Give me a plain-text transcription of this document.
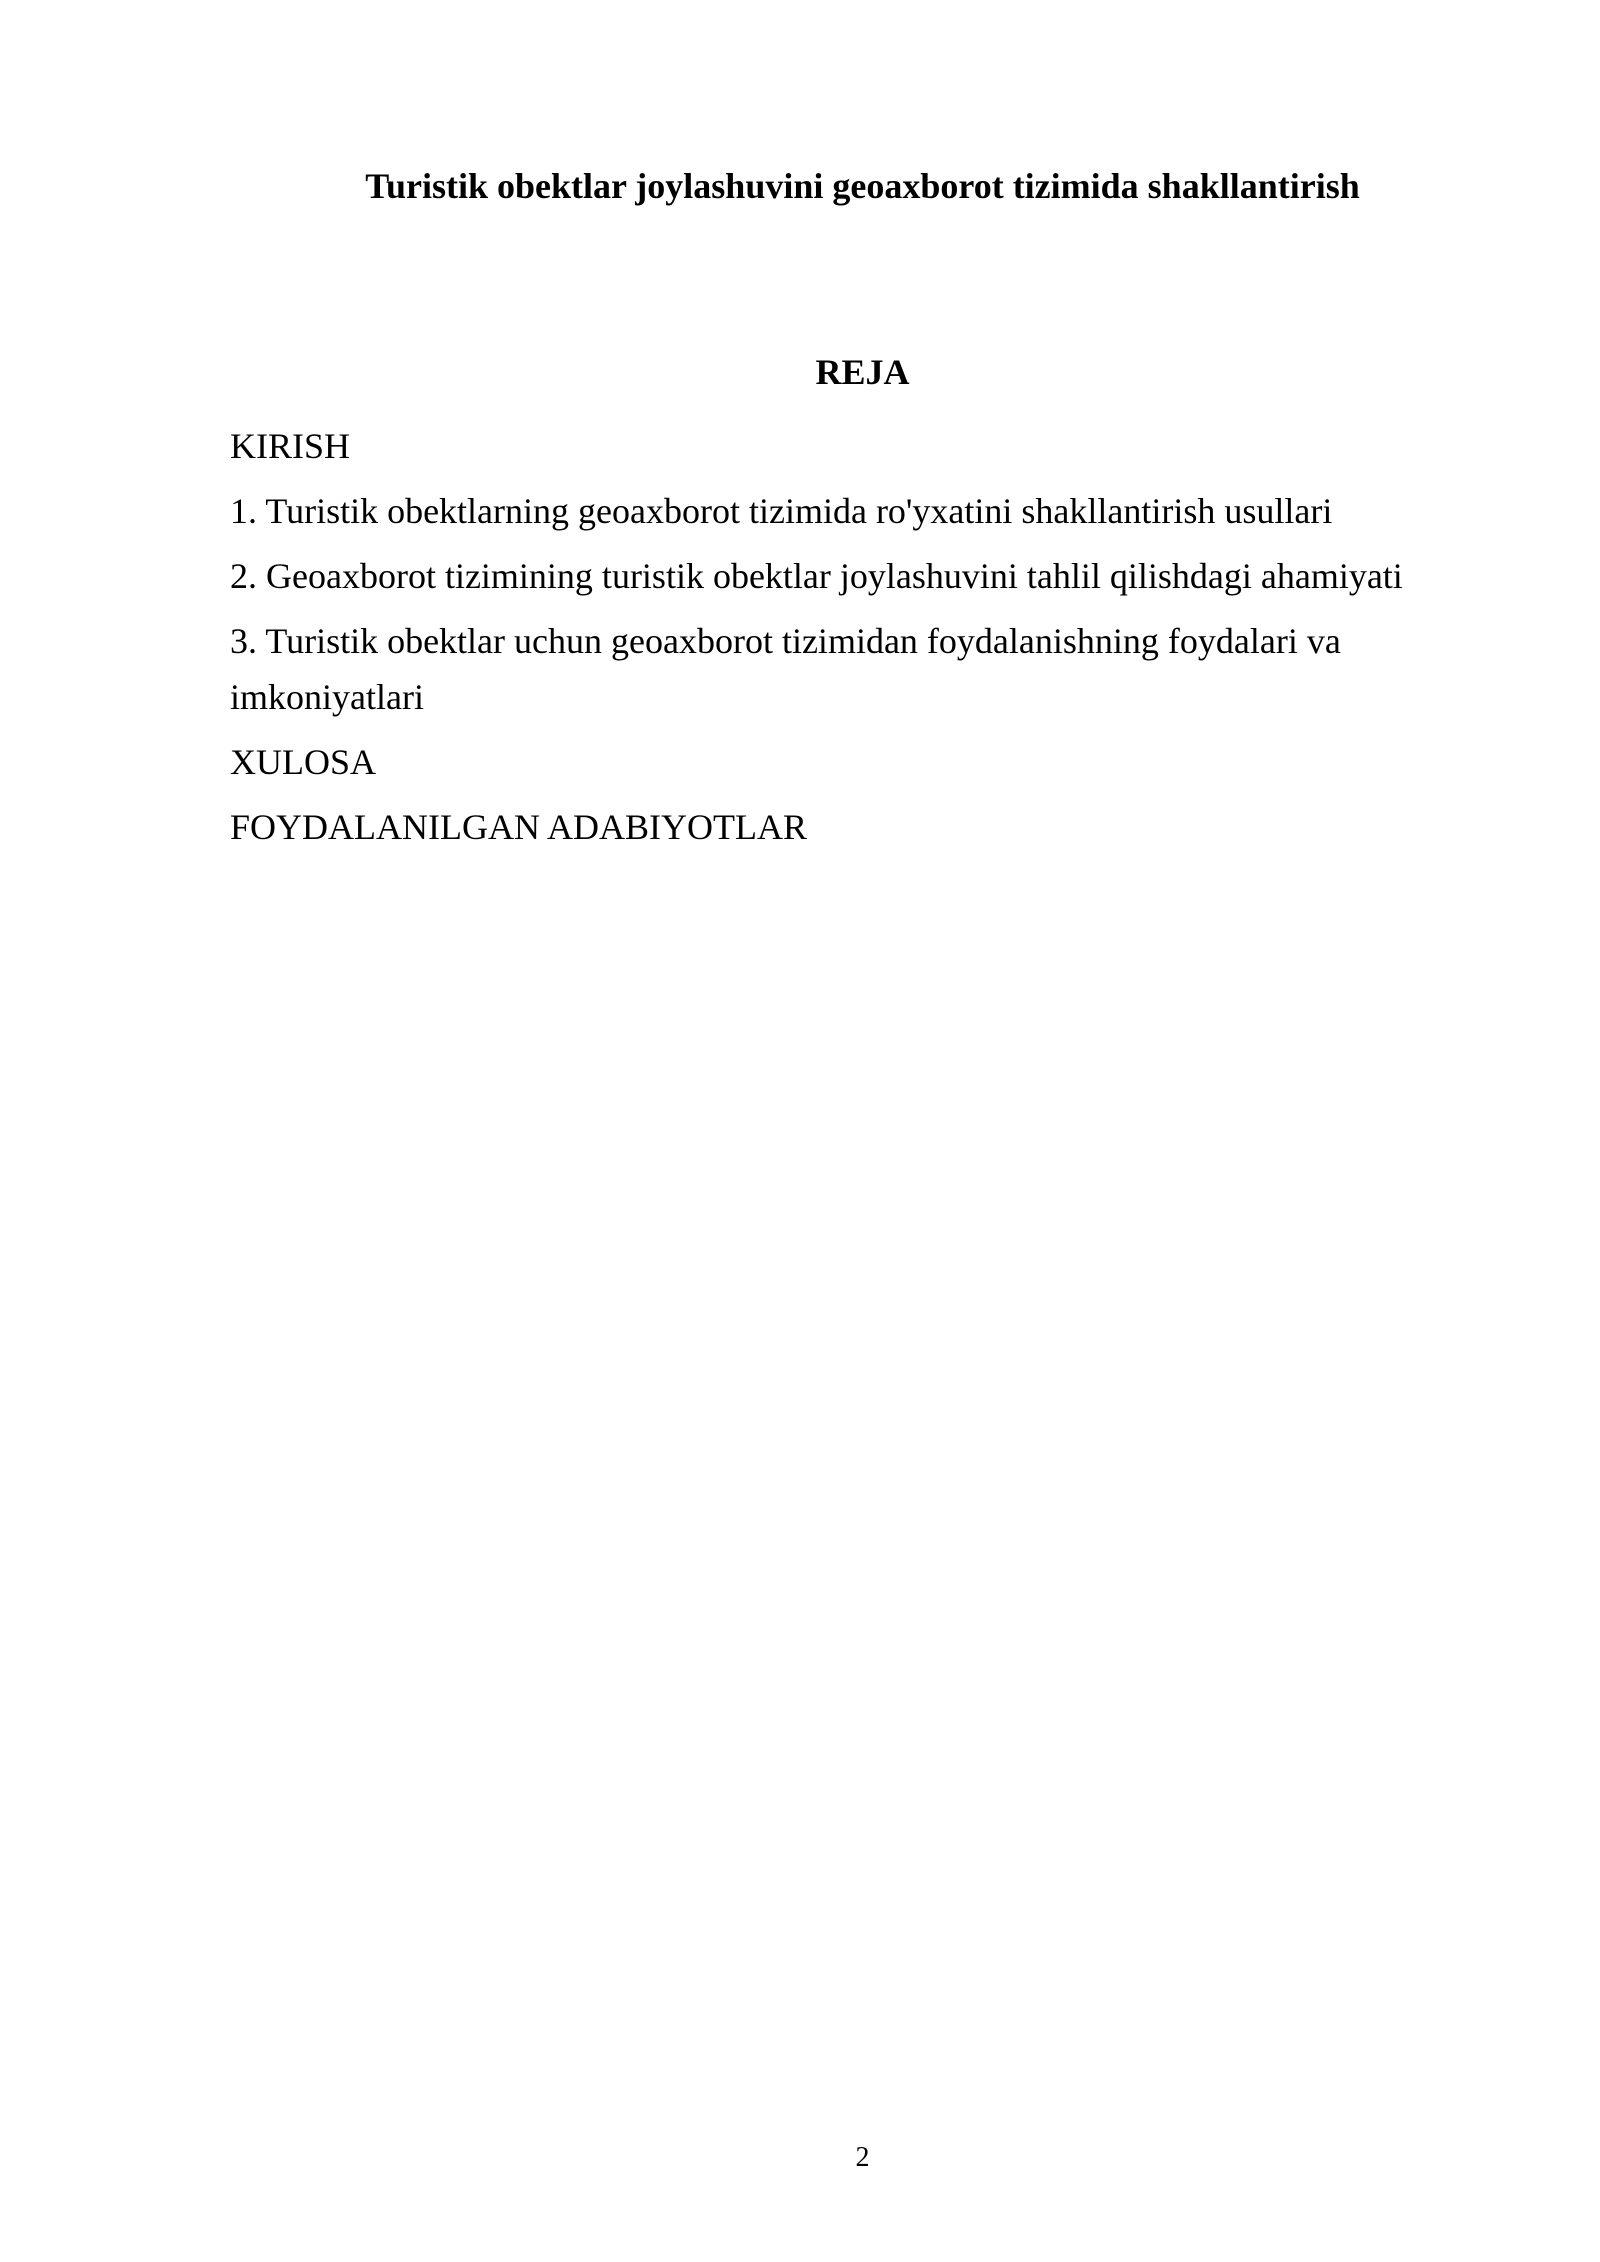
Turistik obektlar joylashuvini geoaxborot tizimida shakllantirish
REJA
KIRISH
1. Turistik obektlarning geoaxborot tizimida ro'yxatini shakllantirish usullari
2. Geoaxborot tizimining turistik obektlar joylashuvini tahlil qilishdagi ahamiyati
3. Turistik obektlar uchun geoaxborot tizimidan foydalanishning foydalari va imkoniyatlari
XULOSA
FOYDALANILGAN ADABIYOTLAR
2
